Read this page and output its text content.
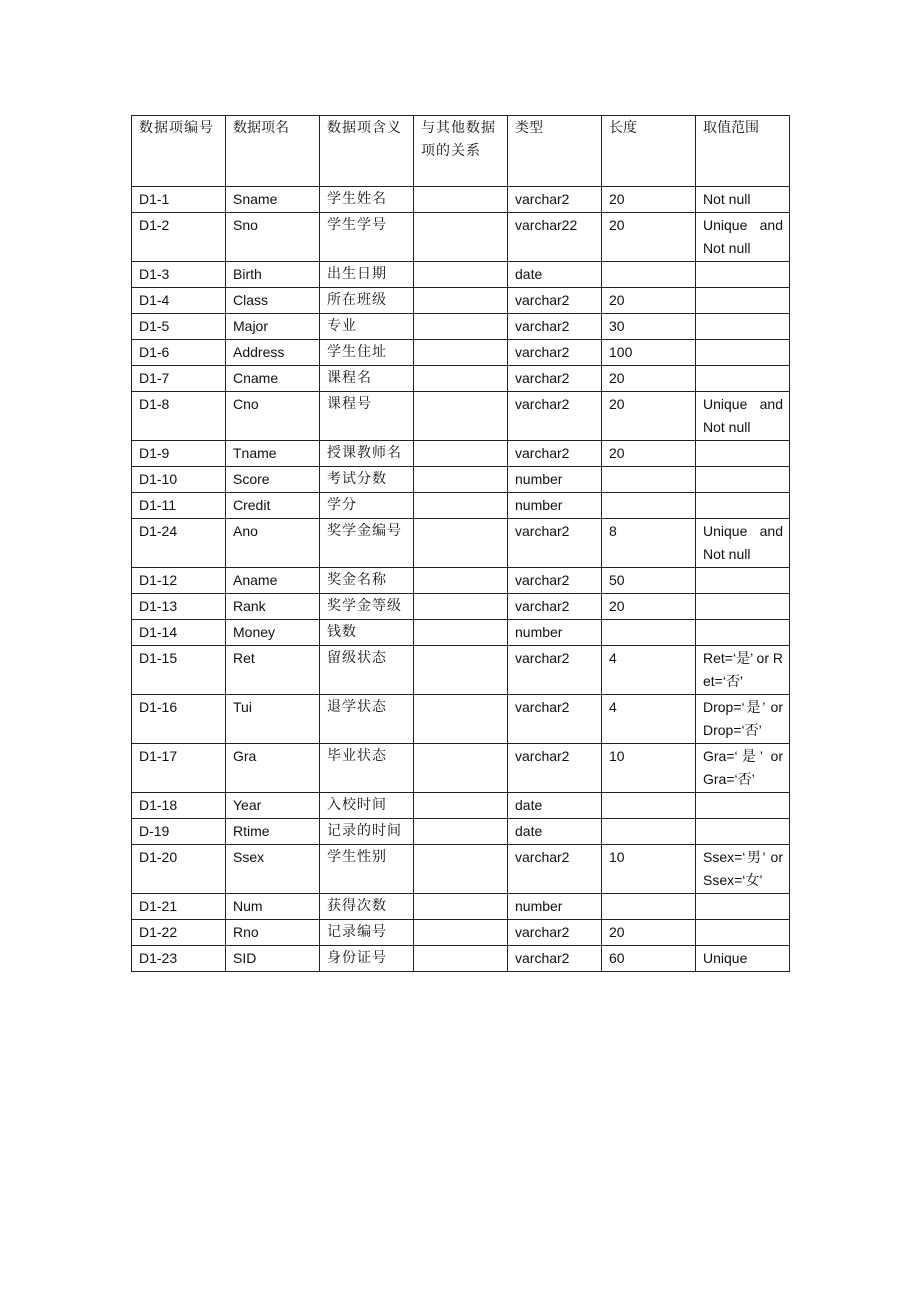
数据项编号	数据项名	数据项含义	与其他数据项的关系	类型	长度	取值范围
D1-1	Sname	学生姓名		varchar2	20	Not null
D1-2	Sno	学生学号		varchar22	20	Unique and Not null
D1-3	Birth	出生日期		date		
D1-4	Class	所在班级		varchar2	20	
D1-5	Major	专业		varchar2	30	
D1-6	Address	学生住址		varchar2	100	
D1-7	Cname	课程名		varchar2	20	
D1-8	Cno	课程号		varchar2	20	Unique and Not null
D1-9	Tname	授课教师名		varchar2	20	
D1-10	Score	考试分数		number		
D1-11	Credit	学分		number		
D1-24	Ano	奖学金编号		varchar2	8	Unique and Not null
D1-12	Aname	奖金名称		varchar2	50	
D1-13	Rank	奖学金等级		varchar2	20	
D1-14	Money	钱数		number		
D1-15	Ret	留级状态		varchar2	4	Ret=‘是’ or Ret=‘否’
D1-16	Tui	退学状态		varchar2	4	Drop=‘是’ or Drop=‘否’
D1-17	Gra	毕业状态		varchar2	10	Gra=‘是’ or Gra=‘否’
D1-18	Year	入校时间		date		
D-19	Rtime	记录的时间		date		
D1-20	Ssex	学生性别		varchar2	10	Ssex=‘男’ or Ssex=‘女’
D1-21	Num	获得次数		number		
D1-22	Rno	记录编号		varchar2	20	
D1-23	SID	身份证号		varchar2	60	Unique
